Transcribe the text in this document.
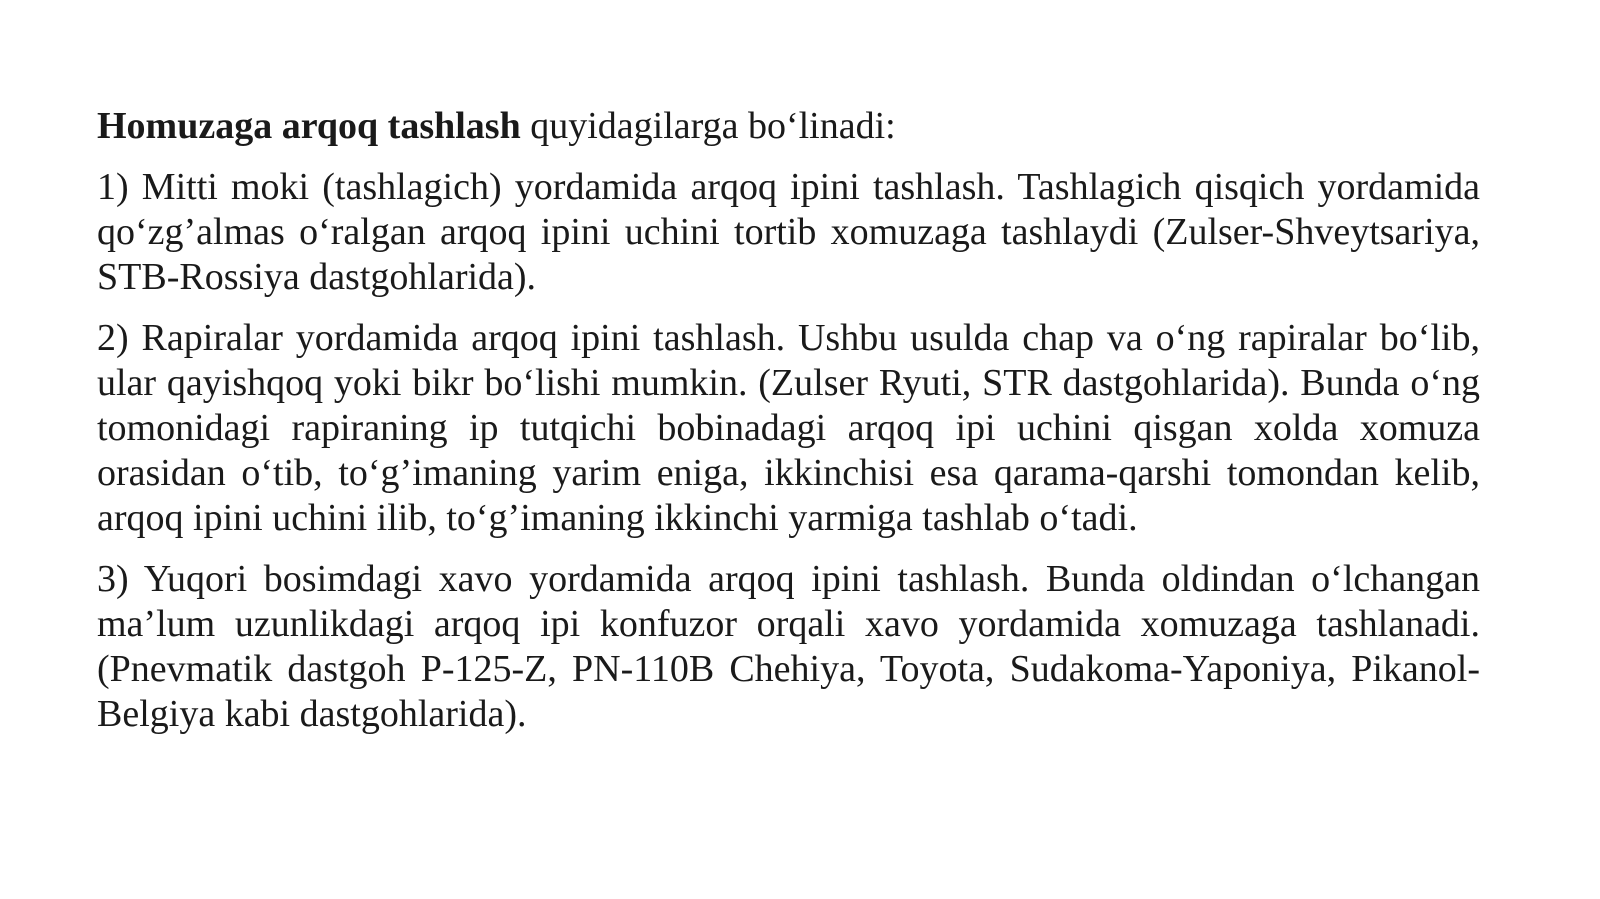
Homuzaga arqoq tashlash quyidagilarga bo‘linadi:

1) Mitti moki (tashlagich) yordamida arqoq ipini tashlash. Tashlagich qisqich yordamida qo‘zg’almas o‘ralgan arqoq ipini uchini tortib xomuzaga tashlaydi (Zulser-Shveytsariya, STB-Rossiya dastgohlarida).

2) Rapiralar yordamida arqoq ipini tashlash. Ushbu usulda chap va o‘ng rapiralar bo‘lib, ular qayishqoq yoki bikr bo‘lishi mumkin. (Zulser Ryuti, STR dastgohlarida). Bunda o‘ng tomonidagi rapiraning ip tutqichi bobinadagi arqoq ipi uchini qisgan xolda xomuza orasidan o‘tib, to‘g’imaning yarim eniga, ikkinchisi esa qarama-qarshi tomondan kelib, arqoq ipini uchini ilib, to‘g’imaning ikkinchi yarmiga tashlab o‘tadi.

3) Yuqori bosimdagi xavo yordamida arqoq ipini tashlash. Bunda oldindan o‘lchangan ma’lum uzunlikdagi arqoq ipi konfuzor orqali xavo yordamida xomuzaga tashlanadi. (Pnevmatik dastgoh P-125-Z, PN-110B Chehiya, Toyota, Sudakoma-Yaponiya, Pikanol-Belgiya kabi dastgohlarida).
